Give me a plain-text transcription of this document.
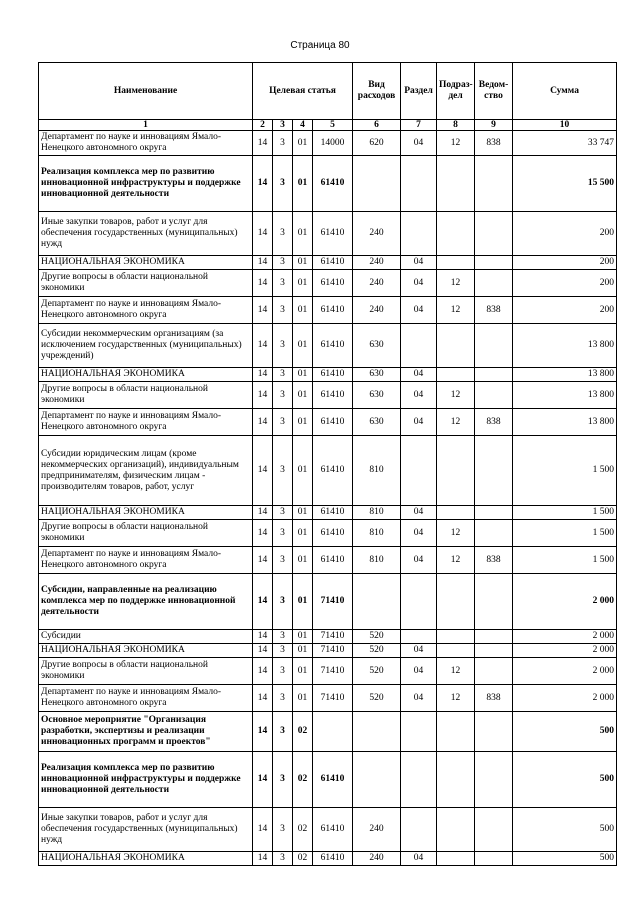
Страница 80
Наименование	Целевая статья				Вид расходов	Раздел	Подраз-дел	Ведом-ство	Сумма
1	2	3	4	5	6	7	8	9	10
Департамент по науке и инновациям Ямало-Ненецкого автономного округа	14	3	01	14000	620	04	12	838	33 747
Реализация комплекса мер по развитию инновационной инфраструктуры и поддержке инновационной деятельности	14	3	01	61410					15 500
Иные закупки товаров, работ и услуг для обеспечения государственных (муниципальных) нужд	14	3	01	61410	240				200
НАЦИОНАЛЬНАЯ ЭКОНОМИКА	14	3	01	61410	240	04			200
Другие вопросы в области национальной экономики	14	3	01	61410	240	04	12		200
Департамент по науке и инновациям Ямало-Ненецкого автономного округа	14	3	01	61410	240	04	12	838	200
Субсидии некоммерческим организациям (за исключением государственных (муниципальных) учреждений)	14	3	01	61410	630				13 800
НАЦИОНАЛЬНАЯ ЭКОНОМИКА	14	3	01	61410	630	04			13 800
Другие вопросы в области национальной экономики	14	3	01	61410	630	04	12		13 800
Департамент по науке и инновациям Ямало-Ненецкого автономного округа	14	3	01	61410	630	04	12	838	13 800
Субсидии юридическим лицам (кроме некоммерческих организаций), индивидуальным предпринимателям, физическим лицам - производителям товаров, работ, услуг	14	3	01	61410	810				1 500
НАЦИОНАЛЬНАЯ ЭКОНОМИКА	14	3	01	61410	810	04			1 500
Другие вопросы в области национальной экономики	14	3	01	61410	810	04	12		1 500
Департамент по науке и инновациям Ямало-Ненецкого автономного округа	14	3	01	61410	810	04	12	838	1 500
Субсидии, направленные на реализацию комплекса мер по поддержке инновационной деятельности	14	3	01	71410					2 000
Субсидии	14	3	01	71410	520				2 000
НАЦИОНАЛЬНАЯ ЭКОНОМИКА	14	3	01	71410	520	04			2 000
Другие вопросы в области национальной экономики	14	3	01	71410	520	04	12		2 000
Департамент по науке и инновациям Ямало-Ненецкого автономного округа	14	3	01	71410	520	04	12	838	2 000
Основное мероприятие "Организация разработки, экспертизы и реализации инновационных программ и проектов"	14	3	02						500
Реализация комплекса мер по развитию инновационной инфраструктуры и поддержке инновационной деятельности	14	3	02	61410					500
Иные закупки товаров, работ и услуг для обеспечения государственных (муниципальных) нужд	14	3	02	61410	240				500
НАЦИОНАЛЬНАЯ ЭКОНОМИКА	14	3	02	61410	240	04			500
